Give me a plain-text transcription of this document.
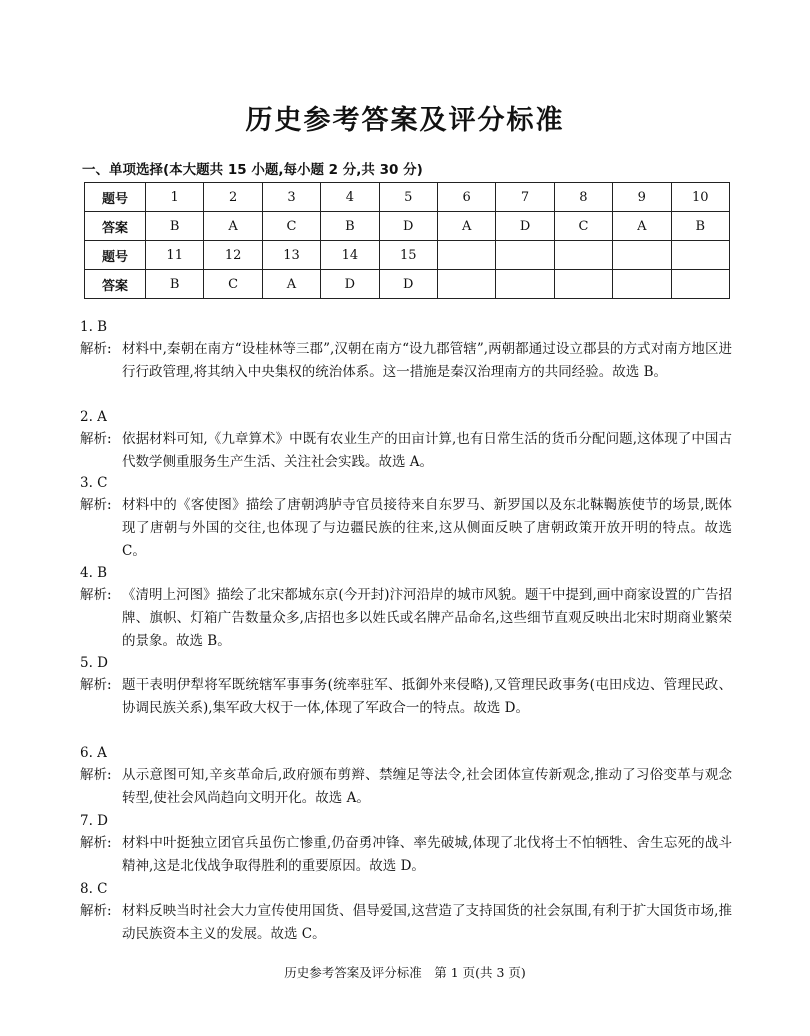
历史参考答案及评分标准
一、单项选择(本大题共 15 小题,每小题 2 分,共 30 分)
题号	1	2	3	4	5	6	7	8	9	10
答案	B	A	C	B	D	A	D	C	A	B
题号	11	12	13	14	15					
答案	B	C	A	D	D					
1. B
解析: 材料中,秦朝在南方“设桂林等三郡”,汉朝在南方“设九郡管辖”,两朝都通过设立郡县的方式对南方地区进行行政管理,将其纳入中央集权的统治体系。这一措施是秦汉治理南方的共同经验。故选 B。
2. A
解析: 依据材料可知,《九章算术》中既有农业生产的田亩计算,也有日常生活的货币分配问题,这体现了中国古代数学侧重服务生产生活、关注社会实践。故选 A。
3. C
解析: 材料中的《客使图》描绘了唐朝鸿胪寺官员接待来自东罗马、新罗国以及东北靺鞨族使节的场景,既体现了唐朝与外国的交往,也体现了与边疆民族的往来,这从侧面反映了唐朝政策开放开明的特点。故选 C。
4. B
解析: 《清明上河图》描绘了北宋都城东京(今开封)汴河沿岸的城市风貌。题干中提到,画中商家设置的广告招牌、旗帜、灯箱广告数量众多,店招也多以姓氏或名牌产品命名,这些细节直观反映出北宋时期商业繁荣的景象。故选 B。
5. D
解析: 题干表明伊犁将军既统辖军事事务(统率驻军、抵御外来侵略),又管理民政事务(屯田戍边、管理民政、协调民族关系),集军政大权于一体,体现了军政合一的特点。故选 D。
6. A
解析: 从示意图可知,辛亥革命后,政府颁布剪辫、禁缠足等法令,社会团体宣传新观念,推动了习俗变革与观念转型,使社会风尚趋向文明开化。故选 A。
7. D
解析: 材料中叶挺独立团官兵虽伤亡惨重,仍奋勇冲锋、率先破城,体现了北伐将士不怕牺牲、舍生忘死的战斗精神,这是北伐战争取得胜利的重要原因。故选 D。
8. C
解析: 材料反映当时社会大力宣传使用国货、倡导爱国,这营造了支持国货的社会氛围,有利于扩大国货市场,推动民族资本主义的发展。故选 C。
历史参考答案及评分标准　第 1 页(共 3 页)
